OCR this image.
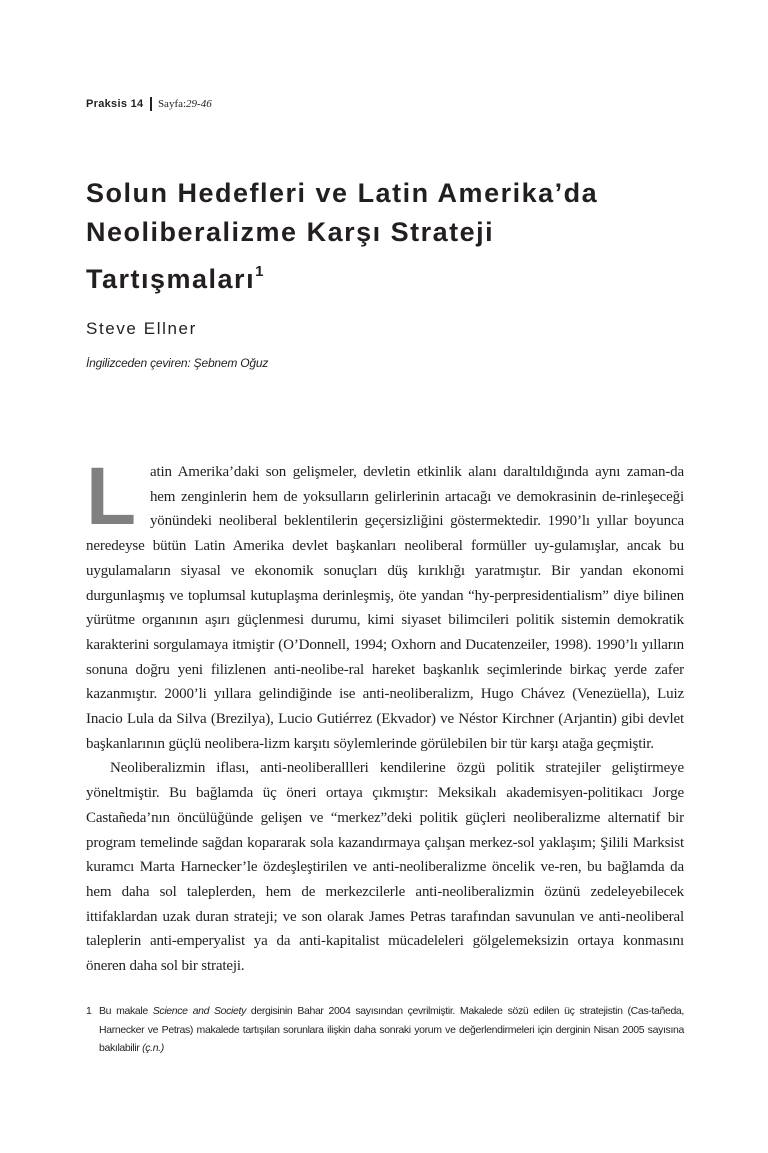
Praksis 14 Sayfa: 29-46
Solun Hedefleri ve Latin Amerika’da
Neoliberalizme Karşı Strateji
Tartışmaları$^1$
Steve Ellner
İngilizceden çeviren: Şebnem Oğuz

Latin Amerika’daki son gelişmeler, devletin etkinlik alanı daraltıldığında aynı zaman-da hem zenginlerin hem de yoksulların gelirlerinin artacağı ve demokrasinin de-rinleşeceği yönündeki neoliberal beklentilerin geçersizliğini göstermektedir. 1990’lı yıllar boyunca neredeyse bütün Latin Amerika devlet başkanları neoliberal formüller uy-gulamışlar, ancak bu uygulamaların siyasal ve ekonomik sonuçları düş kırıklığı yaratmıştır. Bir yandan ekonomi durgunlaşmış ve toplumsal kutuplaşma derinleşmiş, öte yandan “hy-perpresidentialism” diye bilinen yürütme organının aşırı güçlenmesi durumu, kimi siyaset bilimcileri politik sistemin demokratik karakterini sorgulamaya itmiştir (O’Donnell, 1994; Oxhorn and Ducatenzeiler, 1998). 1990’lı yılların sonuna doğru yeni filizlenen anti-neolibe-ral hareket başkanlık seçimlerinde birkaç yerde zafer kazanmıştır. 2000’li yıllara gelindiğinde ise anti-neoliberalizm, Hugo Chávez (Venezüella), Luiz Inacio Lula da Silva (Brezilya), Lucio Gutiérrez (Ekvador) ve Néstor Kirchner (Arjantin) gibi devlet başkanlarının güçlü neolibera-lizm karşıtı söylemlerinde görülebilen bir tür karşı atağa geçmiştir.

Neoliberalizmin iflası, anti-neoliberallleri kendilerine özgü politik stratejiler geliştirmeye yöneltmiştir. Bu bağlamda üç öneri ortaya çıkmıştır: Meksikalı akademisyen-politikacı Jorge Castañeda’nın öncülüğünde gelişen ve “merkez”deki politik güçleri neoliberalizme alternatif bir program temelinde sağdan kopararak sola kazandırmaya çalışan merkez-sol yaklaşım; Şilili Marksist kuramcı Marta Harnecker’le özdeşleştirilen ve anti-neoliberalizme öncelik ve-ren, bu bağlamda da hem daha sol taleplerden, hem de merkezcilerle anti-neoliberalizmin özünü zedeleyebilecek ittifaklardan uzak duran strateji; ve son olarak James Petras tarafından savunulan ve anti-neoliberal taleplerin anti-emperyalist ya da anti-kapitalist mücadeleleri gölgelemeksizin ortaya konmasını öneren daha sol bir strateji.

1 Bu makale Science and Society dergisinin Bahar 2004 sayısından çevrilmiştir. Makalede sözü edilen üç stratejistin (Cas-tañeda, Harnecker ve Petras) makalede tartışılan sorunlara ilişkin daha sonraki yorum ve değerlendirmeleri için derginin Nisan 2005 sayısına bakılabilir (ç.n.)
